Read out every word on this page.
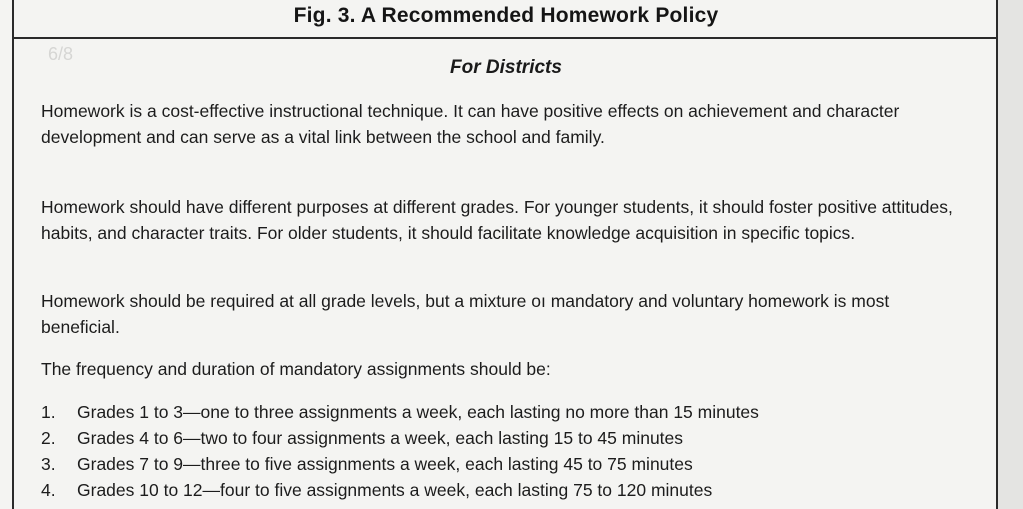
Fig. 3. A Recommended Homework Policy
6/8
For Districts

Homework is a cost-effective instructional technique. It can have positive effects on achievement and character development and can serve as a vital link between the school and family.

Homework should have different purposes at different grades. For younger students, it should foster positive attitudes, habits, and character traits. For older students, it should facilitate knowledge acquisition in specific topics.

Homework should be required at all grade levels, but a mixture oı mandatory and voluntary homework is most beneficial.

The frequency and duration of mandatory assignments should be:

1. Grades 1 to 3—one to three assignments a week, each lasting no more than 15 minutes
2. Grades 4 to 6—two to four assignments a week, each lasting 15 to 45 minutes
3. Grades 7 to 9—three to five assignments a week, each lasting 45 to 75 minutes
4. Grades 10 to 12—four to five assignments a week, each lasting 75 to 120 minutes
